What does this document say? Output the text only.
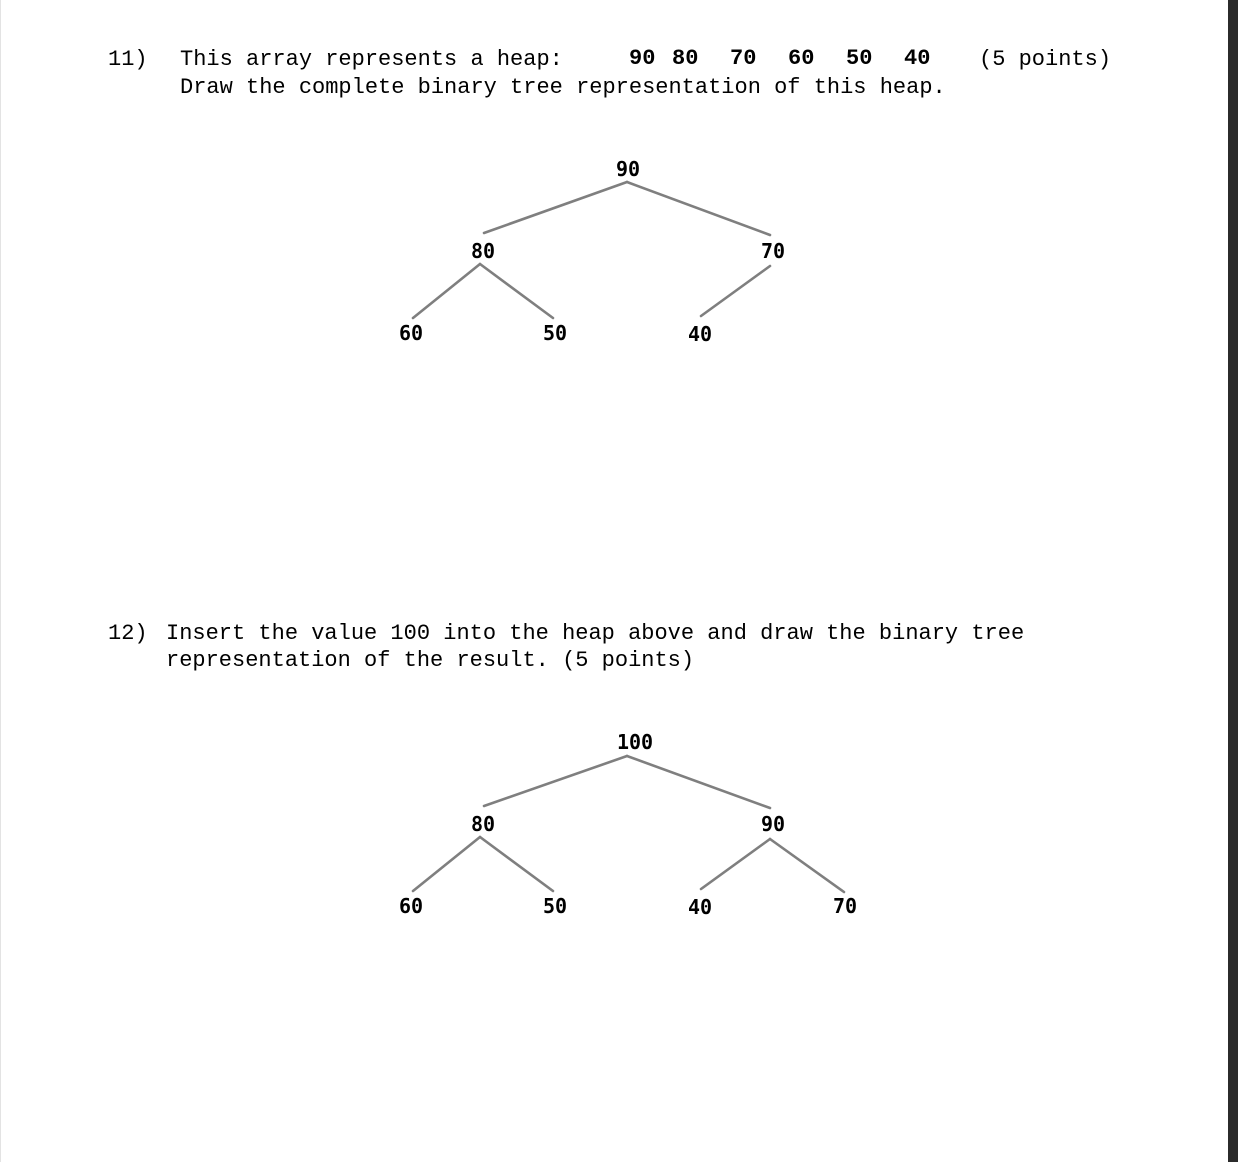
11) This array represents a heap:	90 80 70 60 50 40 (5 points)
Draw the complete binary tree representation of this heap.
90
80	70
60	50	40
12) Insert the value 100 into the heap above and draw the binary tree
representation of the result. (5 points)
100
80	90
60	50	40	70
